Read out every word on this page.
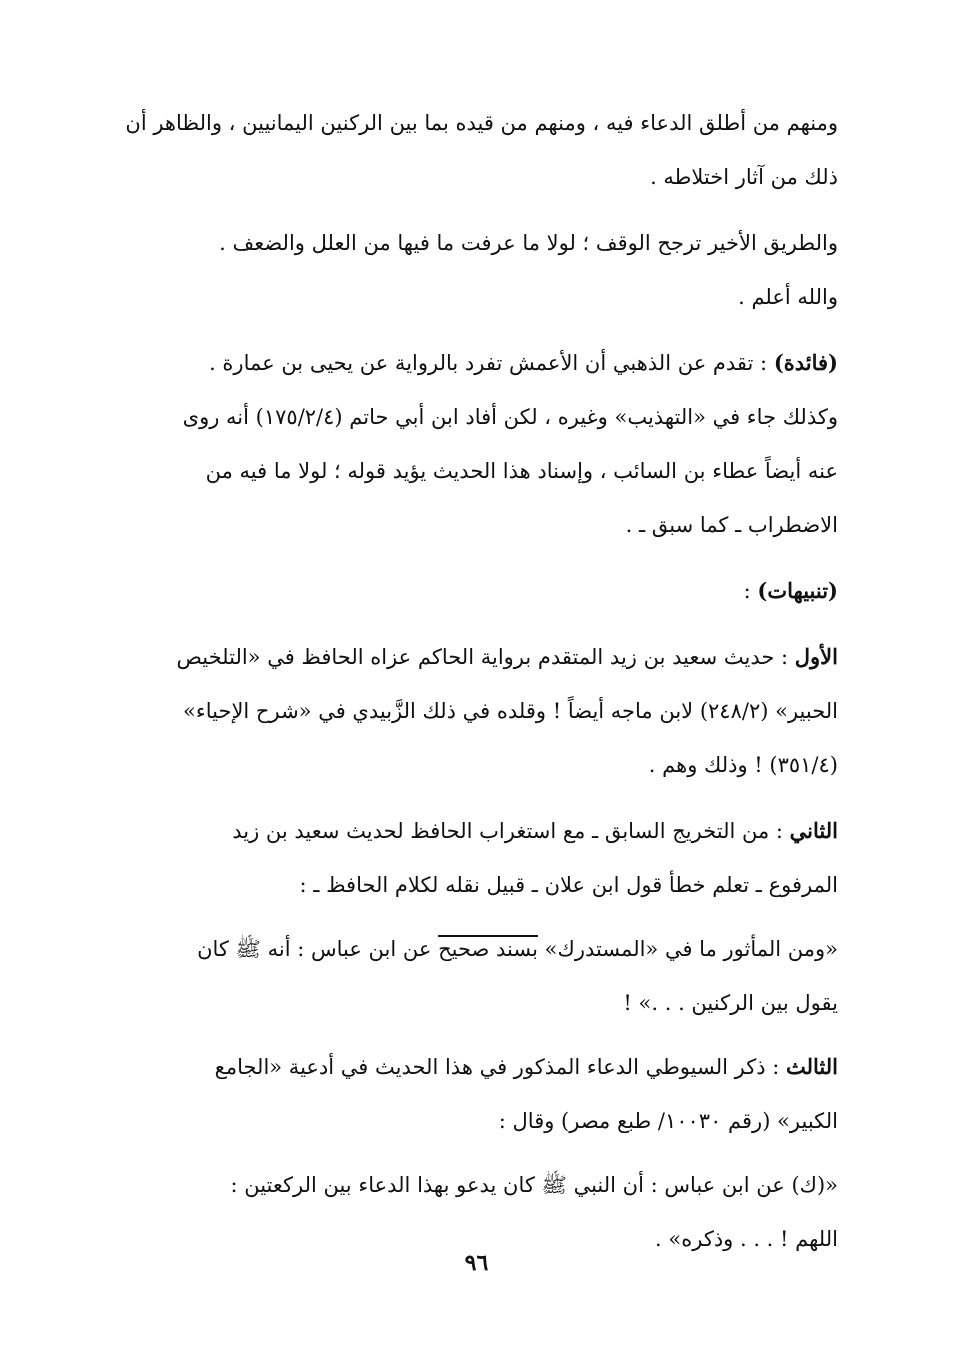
ومنهم من أطلق الدعاء فيه ، ومنهم من قيده بما بين الركنين اليمانيين ، والظاهر أن
ذلك من آثار اختلاطه .
والطريق الأخير ترجح الوقف ؛ لولا ما عرفت ما فيها من العلل والضعف .
والله أعلم .
(فائدة) : تقدم عن الذهبي أن الأعمش تفرد بالرواية عن يحيى بن عمارة .
وكذلك جاء في «التهذيب» وغيره ، لكن أفاد ابن أبي حاتم (١٧٥/٢/٤) أنه روى
عنه أيضاً عطاء بن السائب ، وإسناد هذا الحديث يؤيد قوله ؛ لولا ما فيه من
الاضطراب ـ كما سبق ـ .
(تنبيهات) :
الأول : حديث سعيد بن زيد المتقدم برواية الحاكم عزاه الحافظ في «التلخيص
الحبير» (٢٤٨/٢) لابن ماجه أيضاً ! وقلده في ذلك الزَّبيدي في «شرح الإحياء»
(٣٥١/٤) ! وذلك وهم .
الثاني : من التخريج السابق ـ مع استغراب الحافظ لحديث سعيد بن زيد
المرفوع ـ تعلم خطأ قول ابن علان ـ قبيل نقله لكلام الحافظ ـ :
«ومن المأثور ما في «المستدرك» بسند صحيح عن ابن عباس : أنه ﷺ كان
يقول بين الركنين . . .» !
الثالث : ذكر السيوطي الدعاء المذكور في هذا الحديث في أدعية «الجامع
الكبير» (رقم ١٠٠٣٠/ طبع مصر) وقال :
«(ك) عن ابن عباس : أن النبي ﷺ كان يدعو بهذا الدعاء بين الركعتين :
اللهم ! . . . وذكره» .
٩٦
